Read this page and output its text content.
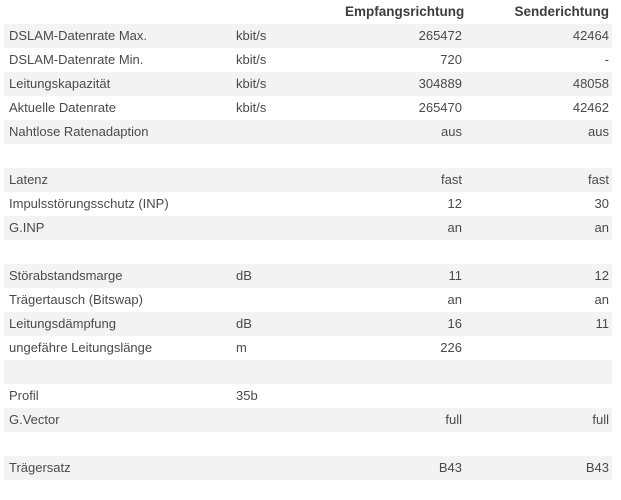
		Empfangsrichtung	Senderichtung
DSLAM-Datenrate Max.	kbit/s	265472	42464
DSLAM-Datenrate Min.	kbit/s	720	-
Leitungskapazität	kbit/s	304889	48058
Aktuelle Datenrate	kbit/s	265470	42462
Nahtlose Ratenadaption		aus	aus

Latenz		fast	fast
Impulsstörungsschutz (INP)		12	30
G.INP		an	an

Störabstandsmarge	dB	11	12
Trägertausch (Bitswap)		an	an
Leitungsdämpfung	dB	16	11
ungefähre Leitungslänge	m	226	

Profil	35b		
G.Vector		full	full

Trägersatz		B43	B43
